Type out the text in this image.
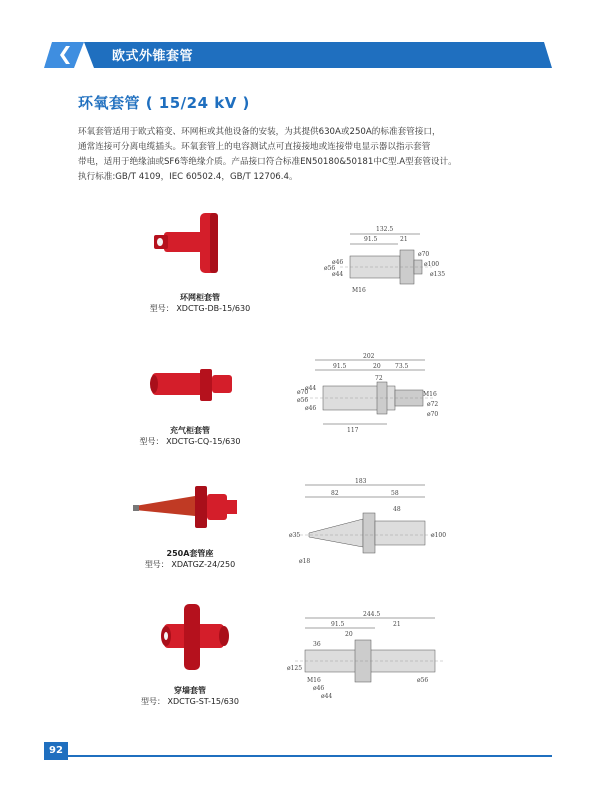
欧式外锥套管
环氧套管 ( 15/24 kV )

环氧套管适用于欧式箱变、环网柜或其他设备的安装，为其提供630A或250A的标准套管接口，

通常连接可分离电缆插头。环氧套管上的电容测试点可直接接地或连接带电显示器以指示套管

带电，适用于绝缘油或SF6等绝缘介质。产品接口符合标准EN50180&50181中C型.A型套管设计。

执行标准:GB/T 4109，IEC 60502.4，GB/T 12706.4。

环网柜套管
型号： XDCTG-DB-15/630
132.5
91.5	21
ø56
ø46
ø44
M16
ø70
ø100
ø135
充气柜套管
型号： XDCTG-CQ-15/630
202
91.5	20 73.5
72
117
ø70
ø56
ø46
ø44
M16
ø72
ø70
250A套管座
型号： XDATGZ-24/250
183
82	58
48
ø35
ø18
ø100
穿墙套管
型号： XDCTG-ST-15/630
244.5
91.5	21
20
36
ø125
M16
ø46
ø44
ø56
92
